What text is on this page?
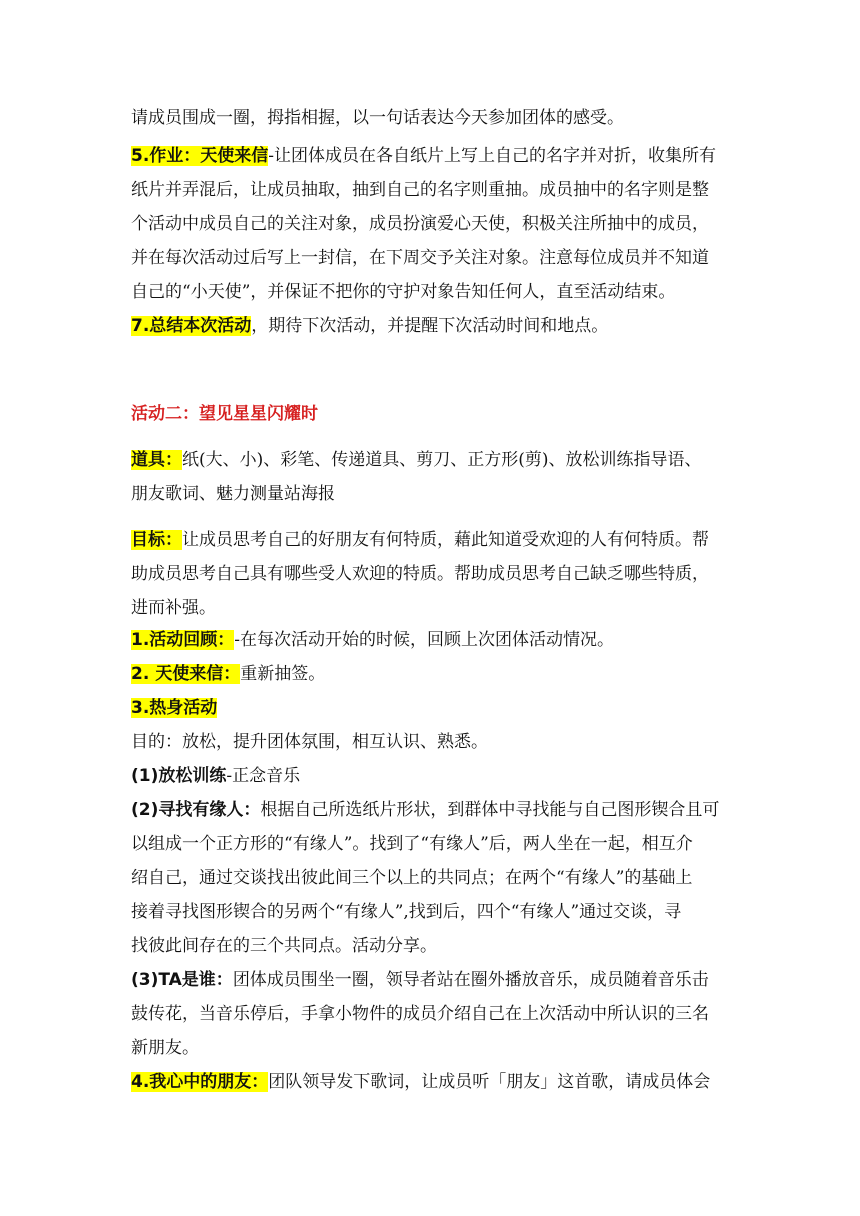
请成员围成一圈，拇指相握，以一句话表达今天参加团体的感受。
5.作业：天使来信-让团体成员在各自纸片上写上自己的名字并对折，收集所有
纸片并弄混后，让成员抽取，抽到自己的名字则重抽。成员抽中的名字则是整
个活动中成员自己的关注对象，成员扮演爱心天使，积极关注所抽中的成员，
并在每次活动过后写上一封信，在下周交予关注对象。注意每位成员并不知道
自己的“小天使”，并保证不把你的守护对象告知任何人，直至活动结束。
7.总结本次活动，期待下次活动，并提醒下次活动时间和地点。
活动二：望见星星闪耀时
道具：纸(大、小)、彩笔、传递道具、剪刀、正方形(剪)、放松训练指导语、
朋友歌词、魅力测量站海报
目标：让成员思考自己的好朋友有何特质，藉此知道受欢迎的人有何特质。帮
助成员思考自己具有哪些受人欢迎的特质。帮助成员思考自己缺乏哪些特质，
进而补强。
1.活动回顾：-在每次活动开始的时候，回顾上次团体活动情况。
2. 天使来信：重新抽签。
3.热身活动
目的：放松，提升团体氛围，相互认识、熟悉。
(1)放松训练-正念音乐
(2)寻找有缘人：根据自己所选纸片形状，到群体中寻找能与自己图形锲合且可
以组成一个正方形的“有缘人”。找到了“有缘人”后，两人坐在一起，相互介
绍自己，通过交谈找出彼此间三个以上的共同点；在两个“有缘人”的基础上
接着寻找图形锲合的另两个“有缘人”,找到后，四个“有缘人”通过交谈，寻
找彼此间存在的三个共同点。活动分享。
(3)TA是谁：团体成员围坐一圈，领导者站在圈外播放音乐，成员随着音乐击
鼓传花，当音乐停后，手拿小物件的成员介绍自己在上次活动中所认识的三名
新朋友。
4.我心中的朋友：团队领导发下歌词，让成员听「朋友」这首歌，请成员体会
